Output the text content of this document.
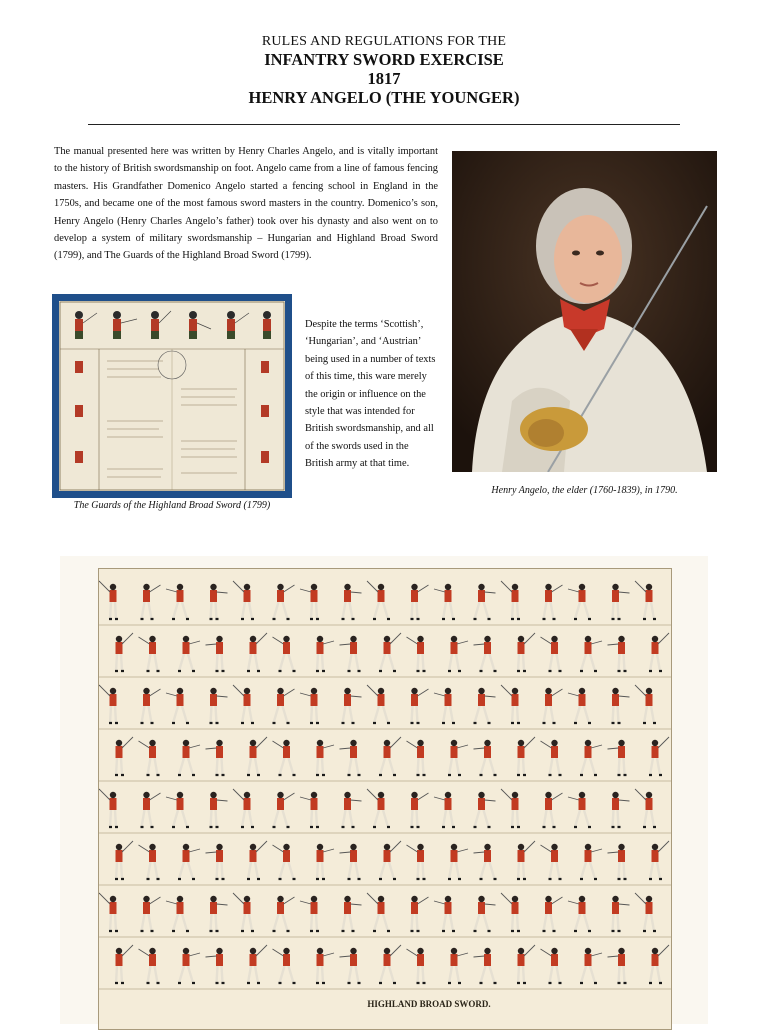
RULES AND REGULATIONS FOR THE
INFANTRY SWORD EXERCISE
1817
HENRY ANGELO (THE YOUNGER)
The manual presented here was written by Henry Charles Angelo, and is vitally important to the history of British swordsmanship on foot. Angelo came from a line of famous fencing masters. His Grandfather Domenico Angelo started a fencing school in England in the 1750s, and became one of the most famous sword masters in the country. Domenico’s son, Henry Angelo (Henry Charles Angelo’s father) took over his dynasty and also went on to develop a system of military swordsmanship – Hungarian and Highland Broad Sword (1799), and The Guards of the Highland Broad Sword (1799).
The Guards of the Highland Broad Sword (1799)
Despite the terms ‘Scottish’, ‘Hungarian’, and ‘Austrian’ being used in a number of texts of this time, this ware merely the origin or influence on the style that was intended for British swordsmanship, and all of the swords used in the British army at that time.
Henry Angelo, the elder (1760-1839), in 1790.
HIGHLAND BROAD SWORD.
